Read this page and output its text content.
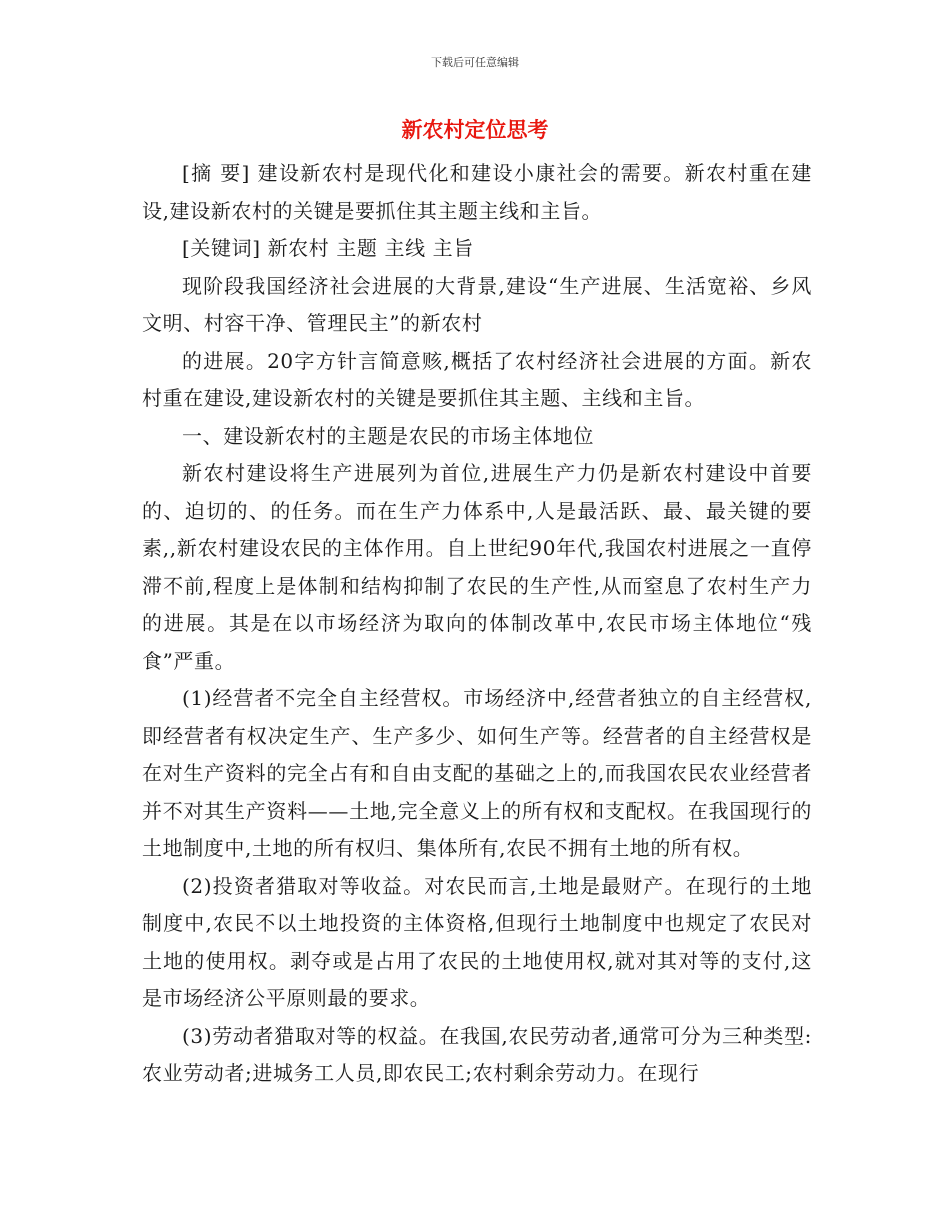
下载后可任意编辑
新农村定位思考

[摘 要] 建设新农村是现代化和建设小康社会的需要。新农村重在建设,建设新农村的关键是要抓住其主题主线和主旨。

[关键词] 新农村 主题 主线 主旨

现阶段我国经济社会进展的大背景,建设“生产进展、生活宽裕、乡风文明、村容干净、管理民主”的新农村

的进展。20字方针言简意赅,概括了农村经济社会进展的方面。新农村重在建设,建设新农村的关键是要抓住其主题、主线和主旨。

一、建设新农村的主题是农民的市场主体地位

新农村建设将生产进展列为首位,进展生产力仍是新农村建设中首要的、迫切的、的任务。而在生产力体系中,人是最活跃、最、最关键的要素,,新农村建设农民的主体作用。自上世纪90年代,我国农村进展之一直停滞不前,程度上是体制和结构抑制了农民的生产性,从而窒息了农村生产力的进展。其是在以市场经济为取向的体制改革中,农民市场主体地位“残食”严重。

(1)经营者不完全自主经营权。市场经济中,经营者独立的自主经营权,即经营者有权决定生产、生产多少、如何生产等。经营者的自主经营权是在对生产资料的完全占有和自由支配的基础之上的,而我国农民农业经营者并不对其生产资料——土地,完全意义上的所有权和支配权。在我国现行的土地制度中,土地的所有权归、集体所有,农民不拥有土地的所有权。

(2)投资者猎取对等收益。对农民而言,土地是最财产。在现行的土地制度中,农民不以土地投资的主体资格,但现行土地制度中也规定了农民对土地的使用权。剥夺或是占用了农民的土地使用权,就对其对等的支付,这是市场经济公平原则最的要求。

(3)劳动者猎取对等的权益。在我国,农民劳动者,通常可分为三种类型:农业劳动者;进城务工人员,即农民工;农村剩余劳动力。在现行
